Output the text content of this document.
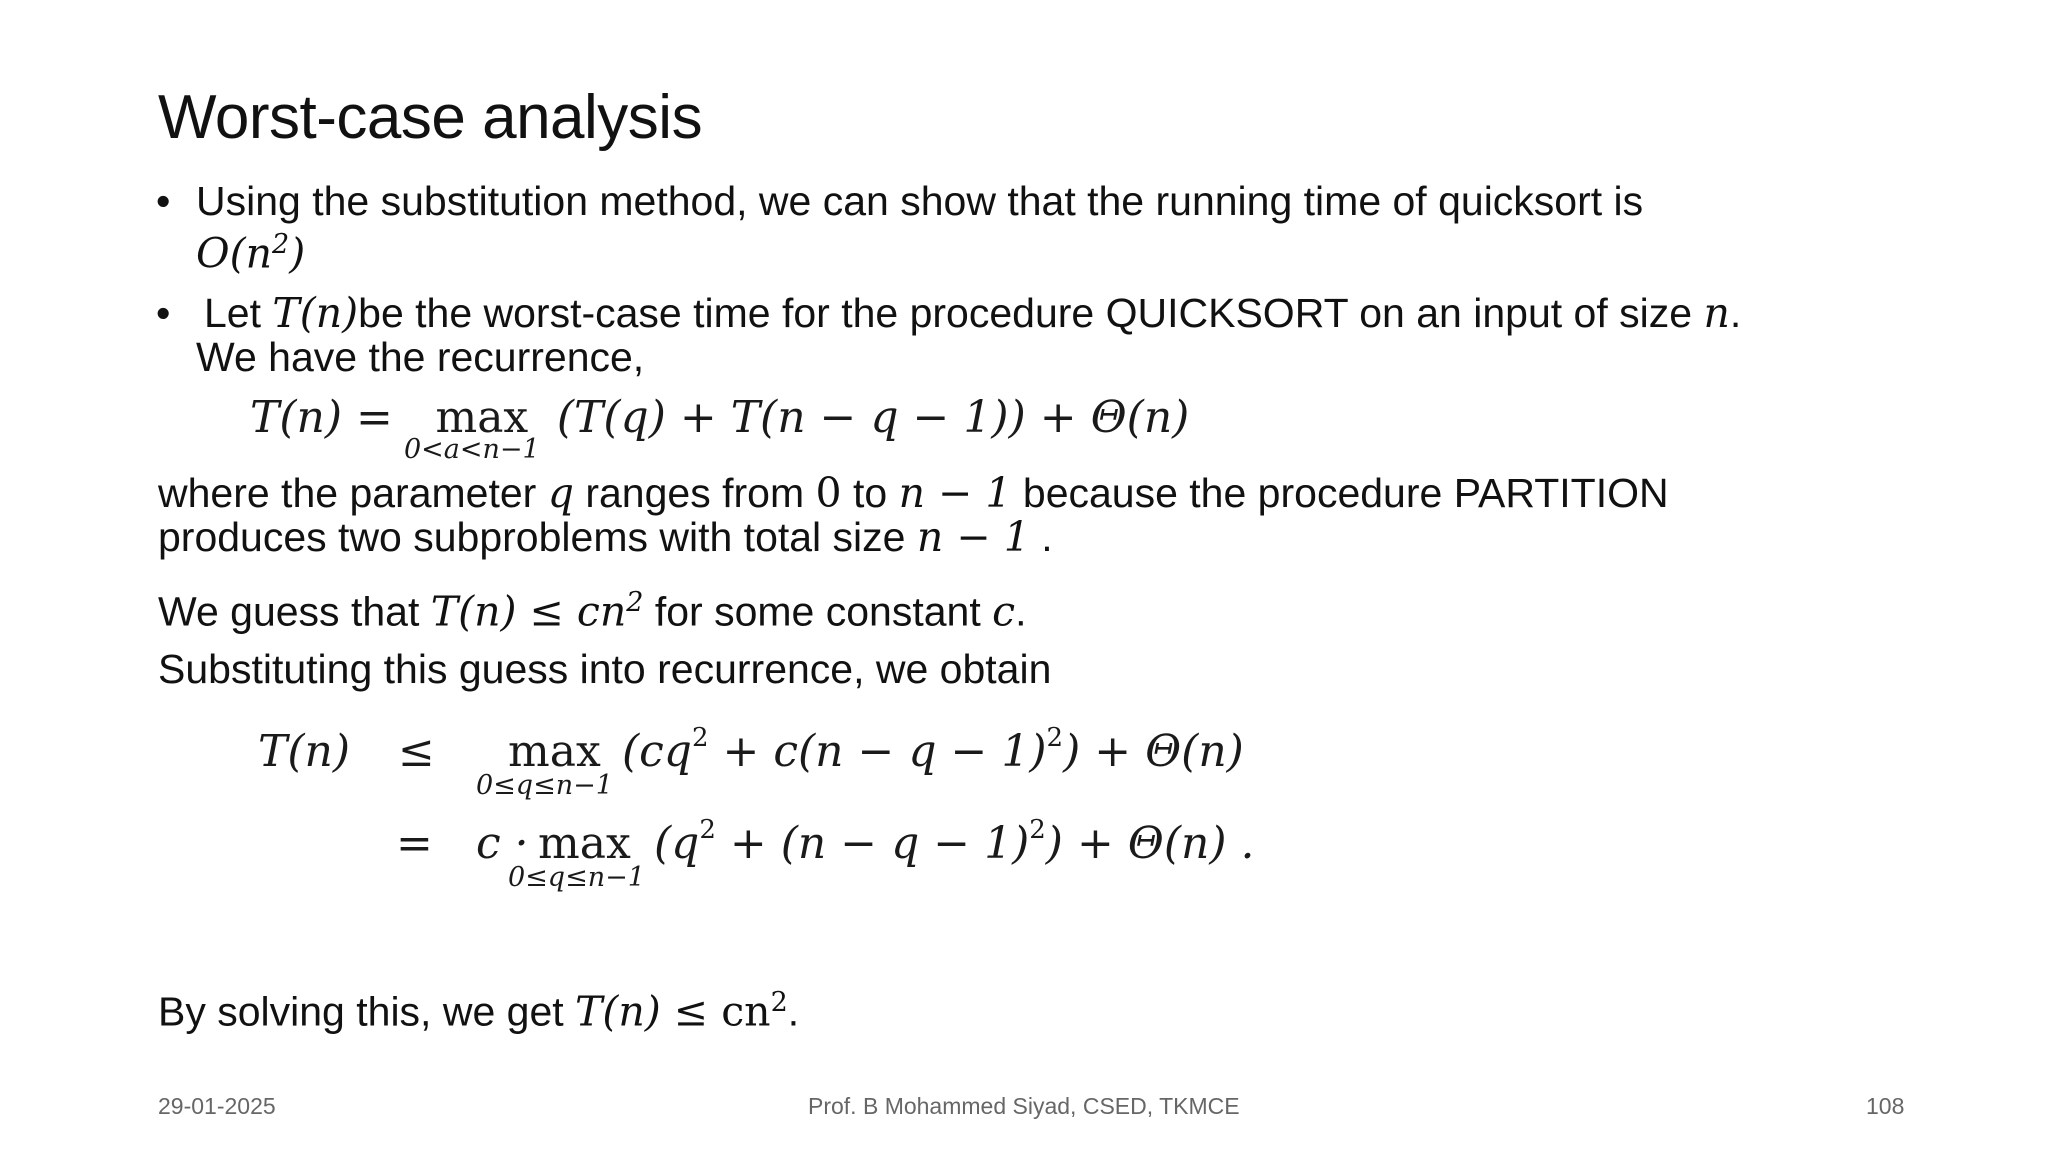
Worst-case analysis
• Using the substitution method, we can show that the running time of quicksort is
$O(n^2)$
• Let T(n)be the worst-case time for the procedure QUICKSORT on an input of size n.
We have the recurrence,
T(n) = max (T(q) + T(n − q − 1)) + Θ(n)
0<a<n−1
where the parameter q ranges from 0 to n − 1 because the procedure PARTITION
produces two subproblems with total size n − 1 .
We guess that $T(n) \le cn^2$ for some constant c.
Substituting this guess into recurrence, we obtain
T(n) ≤ max
0≤q≤n−1
$(cq^2 + c(n - q - 1)^2) + \Theta(n)$
= c · max
0≤q≤n−1
$(q^2 + (n - q - 1)^2) + \Theta(n)$ .
By solving this, we get $T(n) \le cn^2$.
29-01-2025	Prof. B Mohammed Siyad, CSED, TKMCE	108
